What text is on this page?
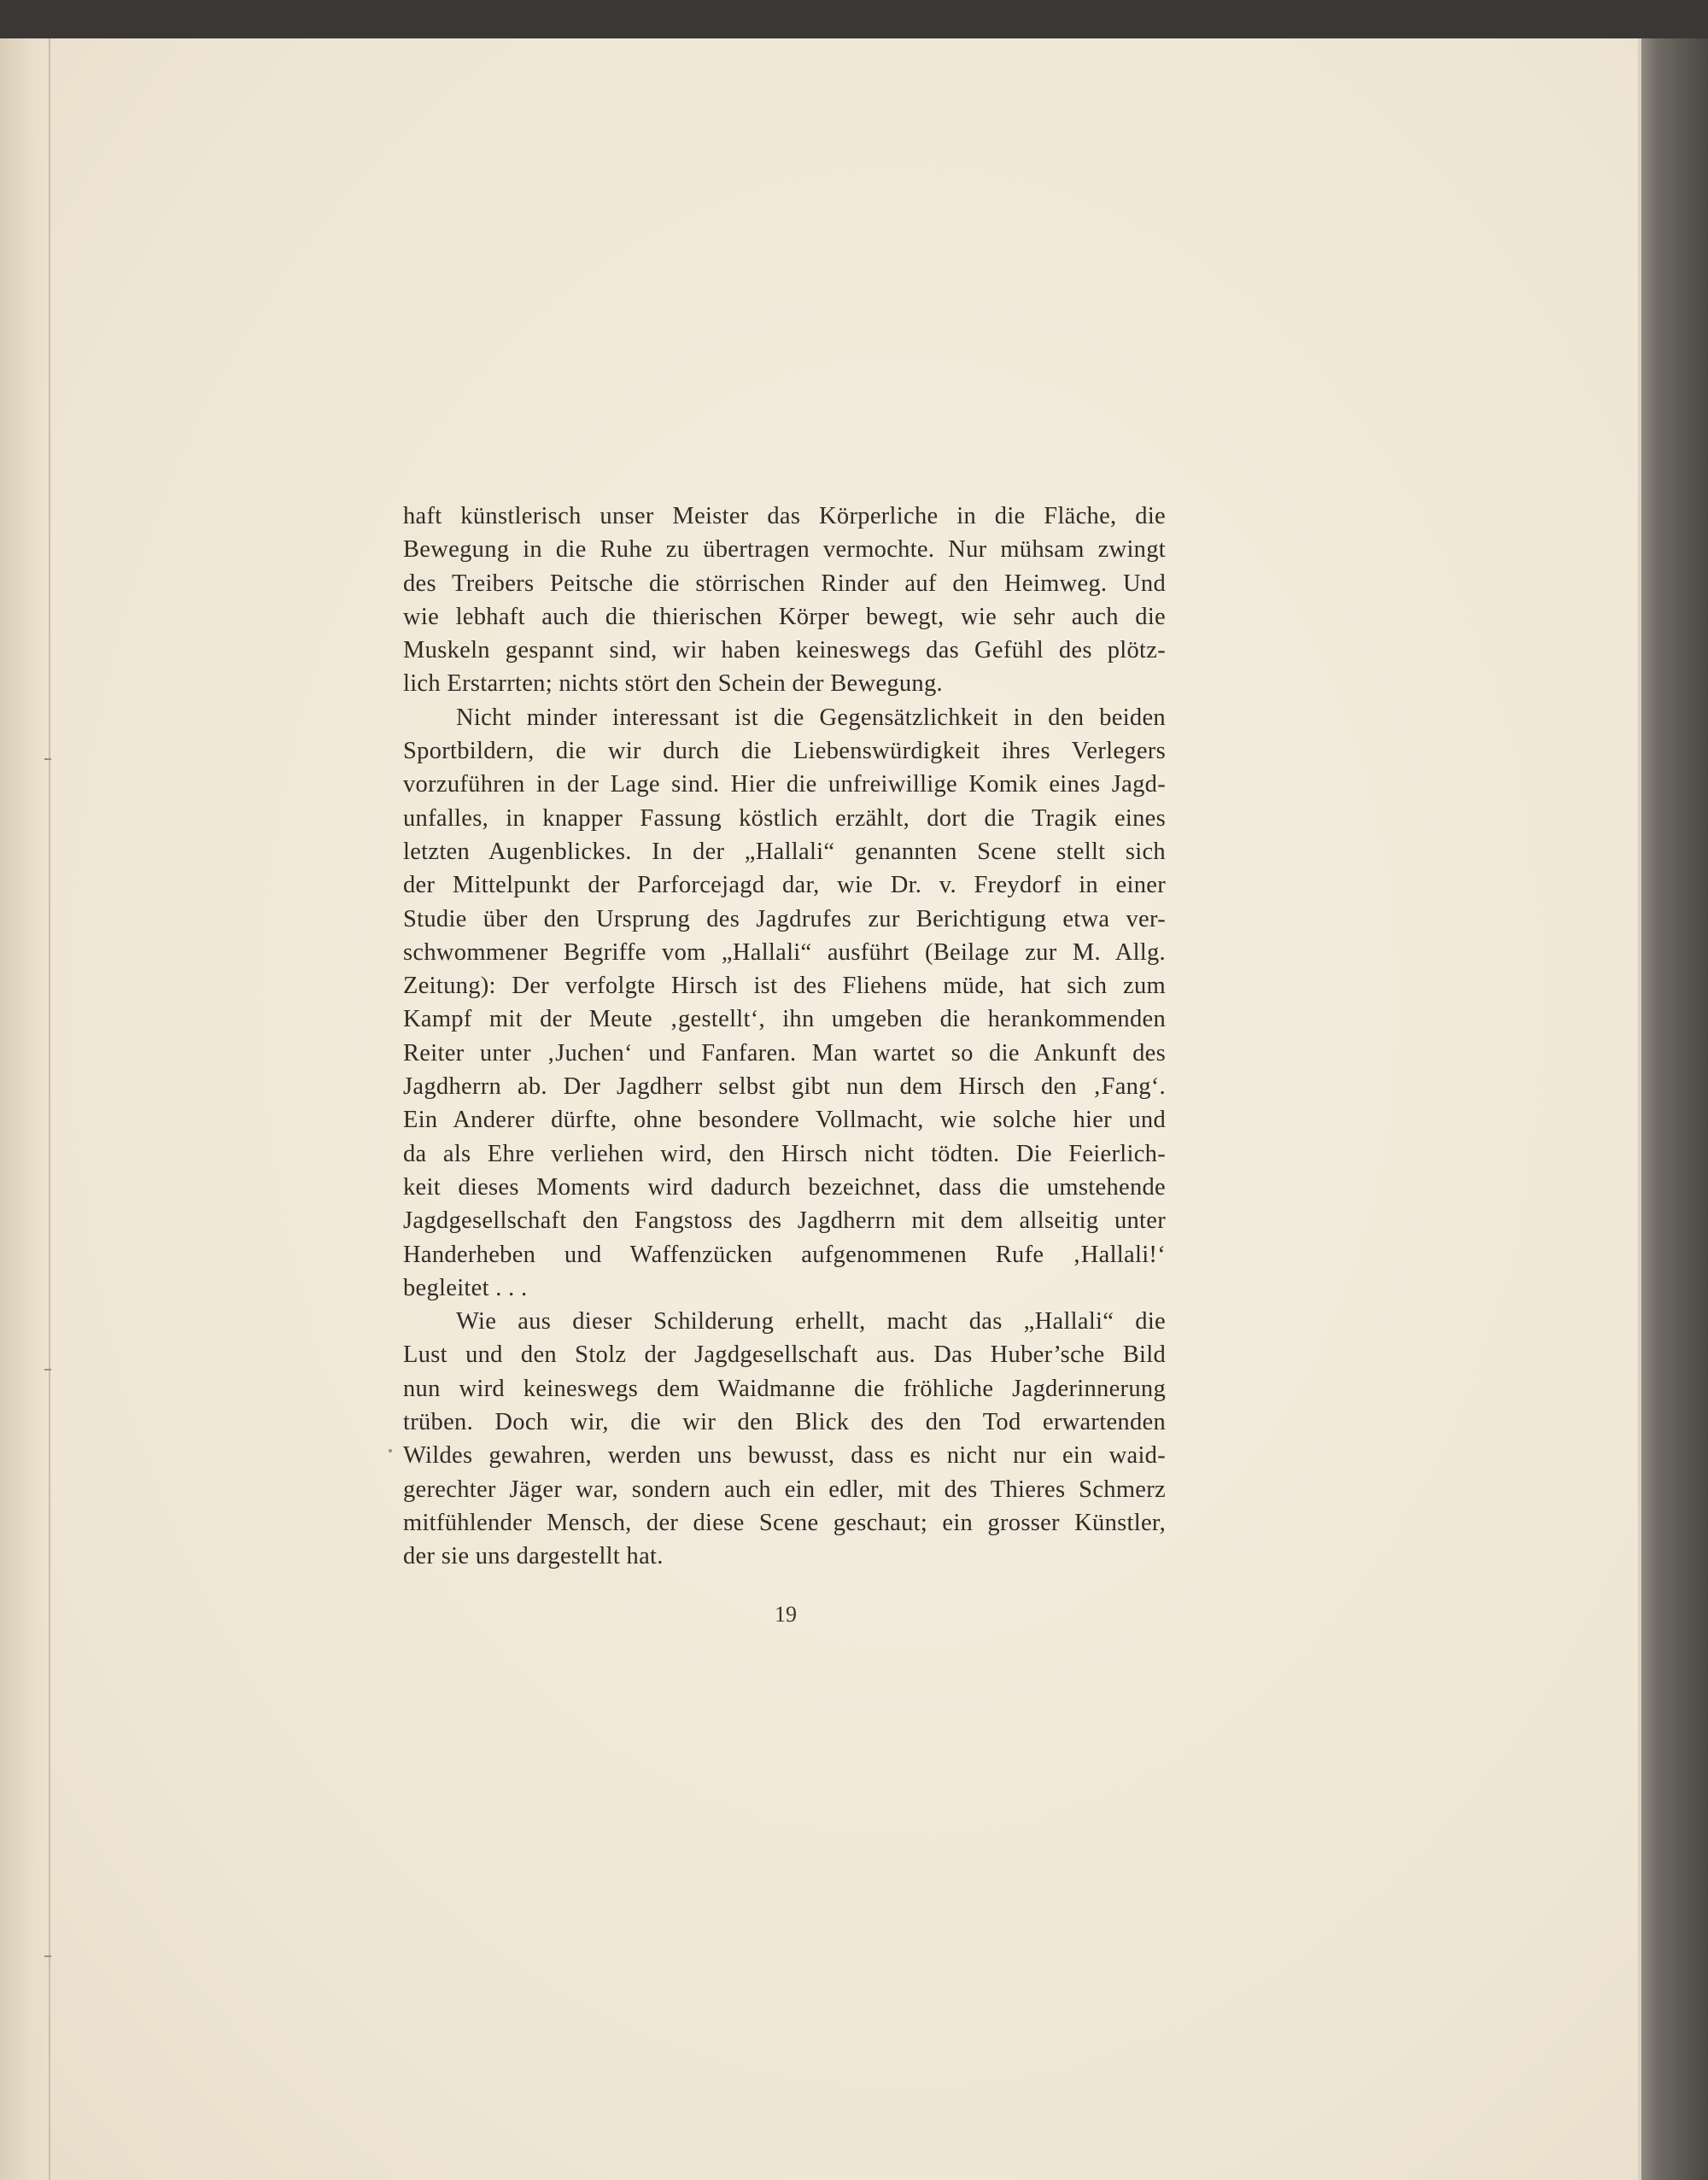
haft künstlerisch unser Meister das Körperliche in die Fläche, die
Bewegung in die Ruhe zu übertragen vermochte. Nur mühsam zwingt
des Treibers Peitsche die störrischen Rinder auf den Heimweg. Und
wie lebhaft auch die thierischen Körper bewegt, wie sehr auch die
Muskeln gespannt sind, wir haben keineswegs das Gefühl des plötz-
lich Erstarrten; nichts stört den Schein der Bewegung.
Nicht minder interessant ist die Gegensätzlichkeit in den beiden
Sportbildern, die wir durch die Liebenswürdigkeit ihres Verlegers
vorzuführen in der Lage sind. Hier die unfreiwillige Komik eines Jagd-
unfalles, in knapper Fassung köstlich erzählt, dort die Tragik eines
letzten Augenblickes. In der „Hallali“ genannten Scene stellt sich
der Mittelpunkt der Parforcejagd dar, wie Dr. v. Freydorf in einer
Studie über den Ursprung des Jagdrufes zur Berichtigung etwa ver-
schwommener Begriffe vom „Hallali“ ausführt (Beilage zur M. Allg.
Zeitung): Der verfolgte Hirsch ist des Fliehens müde, hat sich zum
Kampf mit der Meute ‚gestellt‘, ihn umgeben die herankommenden
Reiter unter ‚Juchen‘ und Fanfaren. Man wartet so die Ankunft des
Jagdherrn ab. Der Jagdherr selbst gibt nun dem Hirsch den ‚Fang‘.
Ein Anderer dürfte, ohne besondere Vollmacht, wie solche hier und
da als Ehre verliehen wird, den Hirsch nicht tödten. Die Feierlich-
keit dieses Moments wird dadurch bezeichnet, dass die umstehende
Jagdgesellschaft den Fangstoss des Jagdherrn mit dem allseitig unter
Handerheben und Waffenzücken aufgenommenen Rufe ‚Hallali!‘
begleitet . . .
Wie aus dieser Schilderung erhellt, macht das „Hallali“ die
Lust und den Stolz der Jagdgesellschaft aus. Das Huber’sche Bild
nun wird keineswegs dem Waidmanne die fröhliche Jagderinnerung
trüben. Doch wir, die wir den Blick des den Tod erwartenden
Wildes gewahren, werden uns bewusst, dass es nicht nur ein waid-
gerechter Jäger war, sondern auch ein edler, mit des Thieres Schmerz
mitfühlender Mensch, der diese Scene geschaut; ein grosser Künstler,
der sie uns dargestellt hat.
19
